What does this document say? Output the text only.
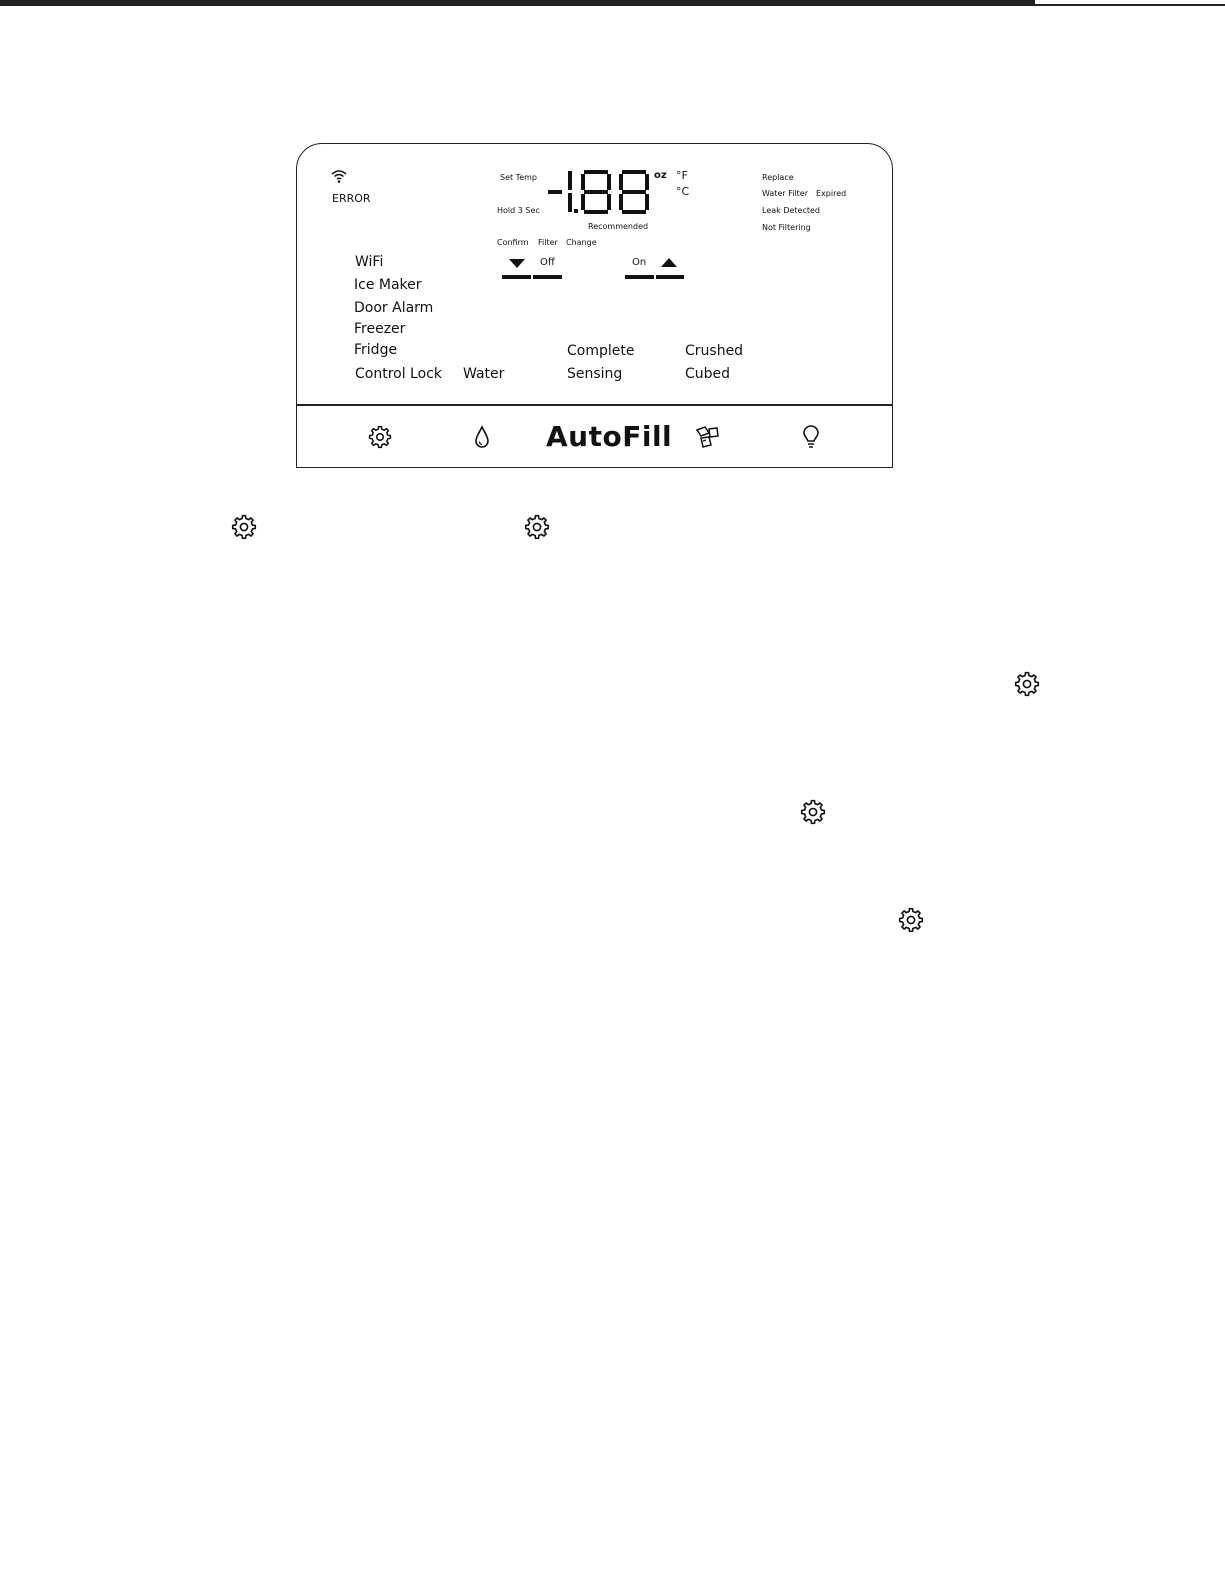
ERROR
Set Temp
Hold 3 Sec
oz °F
°C
Recommended
Confirm Filter Change
Off	On
Replace
Water Filter Expired
Leak Detected
Not Filtering
WiFi
Ice Maker
Door Alarm
Freezer
Fridge
Control Lock Water
Complete
Sensing
Crushed
Cubed
AutoFill
